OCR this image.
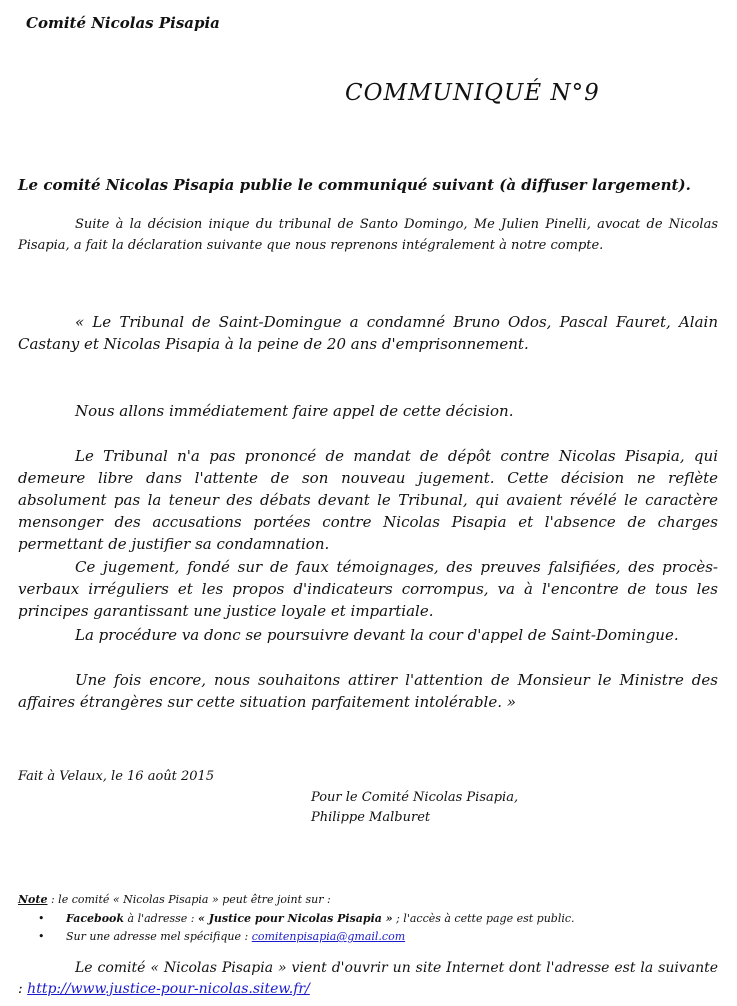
Comité Nicolas Pisapia
COMMUNIQUÉ N°9
Le comité Nicolas Pisapia publie le communiqué suivant (à diffuser largement).
Suite à la décision inique du tribunal de Santo Domingo, Me Julien Pinelli, avocat de Nicolas Pisapia, a fait la déclaration suivante que nous reprenons intégralement à notre compte.
« Le Tribunal de Saint-Domingue a condamné Bruno Odos, Pascal Fauret, Alain Castany et Nicolas Pisapia à la peine de 20 ans d'emprisonnement.
Nous allons immédiatement faire appel de cette décision.
Le Tribunal n'a pas prononcé de mandat de dépôt contre Nicolas Pisapia, qui demeure libre dans l'attente de son nouveau jugement. Cette décision ne reflète absolument pas la teneur des débats devant le Tribunal, qui avaient révélé le caractère mensonger des accusations portées contre Nicolas Pisapia et l'absence de charges permettant de justifier sa condamnation.
Ce jugement, fondé sur de faux témoignages, des preuves falsifiées, des procès-verbaux irréguliers et les propos d'indicateurs corrompus, va à l'encontre de tous les principes garantissant une justice loyale et impartiale.
La procédure va donc se poursuivre devant la cour d'appel de Saint-Domingue.
Une fois encore, nous souhaitons attirer l'attention de Monsieur le Ministre des affaires étrangères sur cette situation parfaitement intolérable. »
Fait à Velaux, le 16 août 2015
Pour le Comité Nicolas Pisapia,
Philippe Malburet
Note : le comité « Nicolas Pisapia » peut être joint sur :
• Facebook à l'adresse : « Justice pour Nicolas Pisapia » ; l'accès à cette page est public.
• Sur une adresse mel spécifique : comitenpisapia@gmail.com
Le comité « Nicolas Pisapia » vient d'ouvrir un site Internet dont l'adresse est la suivante : http://www.justice-pour-nicolas.sitew.fr/
